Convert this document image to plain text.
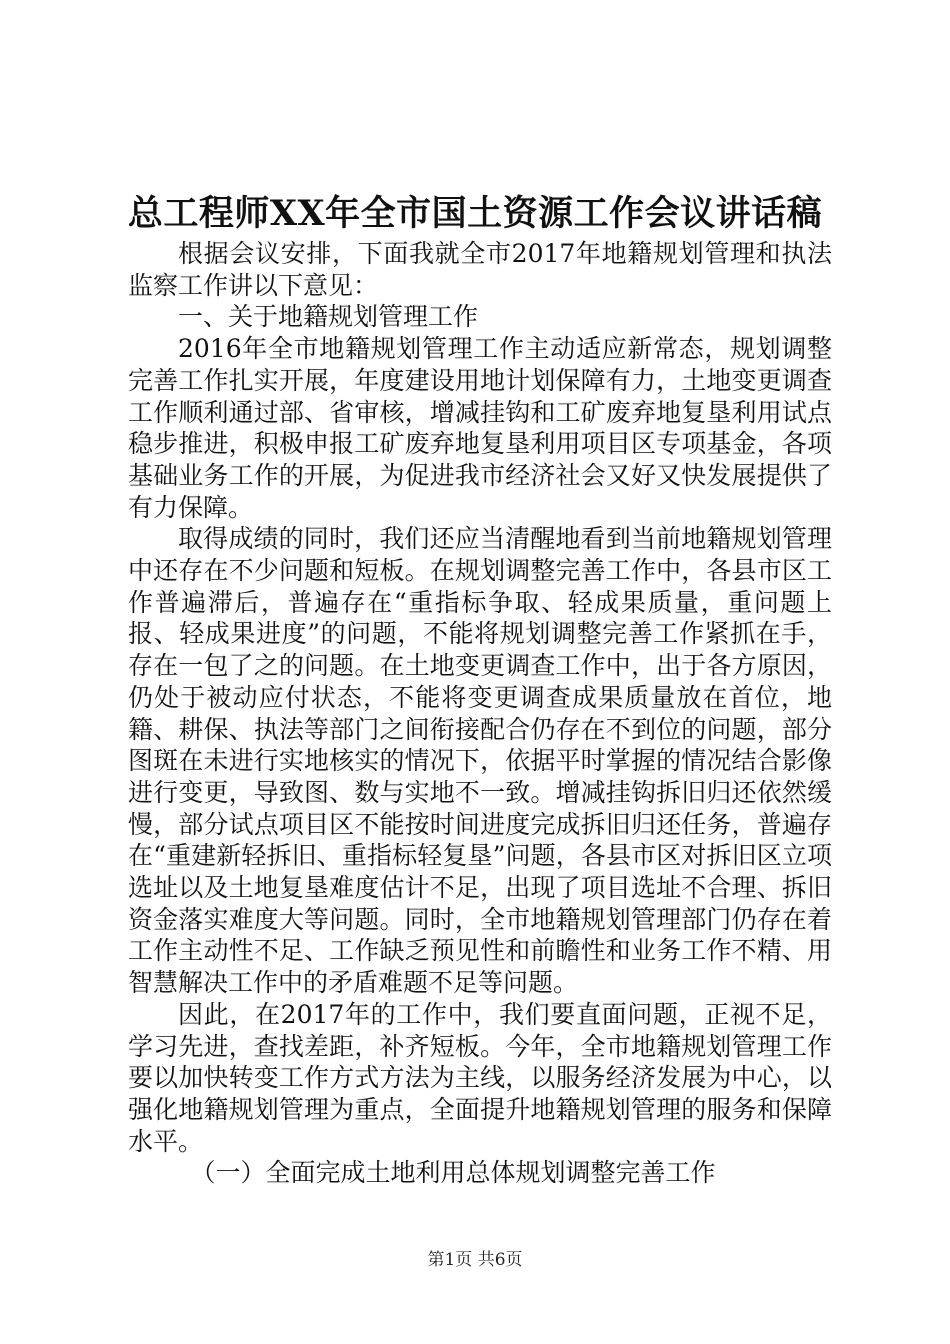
总工程师XX年全市国土资源工作会议讲话稿

根据会议安排，下面我就全市2017年地籍规划管理和执法监察工作讲以下意见：

一、关于地籍规划管理工作

2016年全市地籍规划管理工作主动适应新常态，规划调整完善工作扎实开展，年度建设用地计划保障有力，土地变更调查工作顺利通过部、省审核，增减挂钩和工矿废弃地复垦利用试点稳步推进，积极申报工矿废弃地复垦利用项目区专项基金，各项基础业务工作的开展，为促进我市经济社会又好又快发展提供了有力保障。

取得成绩的同时，我们还应当清醒地看到当前地籍规划管理中还存在不少问题和短板。在规划调整完善工作中，各县市区工作普遍滞后，普遍存在“重指标争取、轻成果质量，重问题上报、轻成果进度”的问题，不能将规划调整完善工作紧抓在手，存在一包了之的问题。在土地变更调查工作中，出于各方原因，仍处于被动应付状态，不能将变更调查成果质量放在首位，地籍、耕保、执法等部门之间衔接配合仍存在不到位的问题，部分图斑在未进行实地核实的情况下，依据平时掌握的情况结合影像进行变更，导致图、数与实地不一致。增减挂钩拆旧归还依然缓慢，部分试点项目区不能按时间进度完成拆旧归还任务，普遍存在“重建新轻拆旧、重指标轻复垦”问题，各县市区对拆旧区立项选址以及土地复垦难度估计不足，出现了项目选址不合理、拆旧资金落实难度大等问题。同时，全市地籍规划管理部门仍存在着工作主动性不足、工作缺乏预见性和前瞻性和业务工作不精、用智慧解决工作中的矛盾难题不足等问题。

因此，在2017年的工作中，我们要直面问题，正视不足，学习先进，查找差距，补齐短板。今年，全市地籍规划管理工作要以加快转变工作方式方法为主线，以服务经济发展为中心，以强化地籍规划管理为重点，全面提升地籍规划管理的服务和保障水平。

（一）全面完成土地利用总体规划调整完善工作

第1页 共6页
